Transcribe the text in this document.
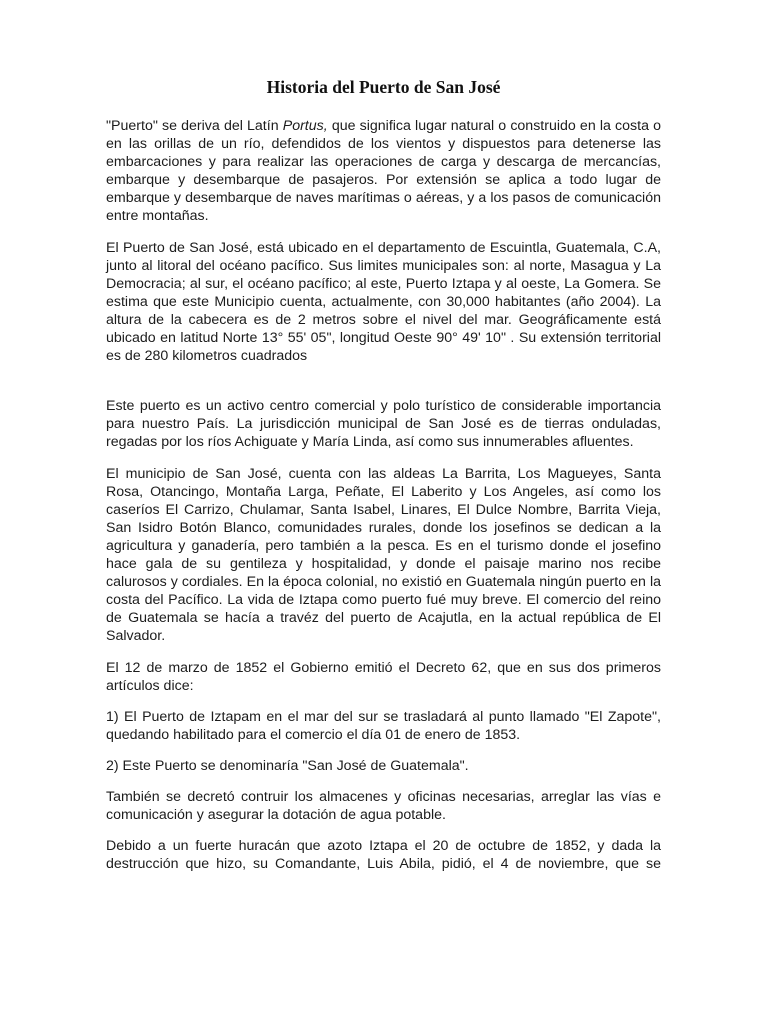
Historia del Puerto de San José

"Puerto" se deriva del Latín Portus, que significa lugar natural o construido en la costa o en las orillas de un río, defendidos de los vientos y dispuestos para detenerse las embarcaciones y para realizar las operaciones de carga y descarga de mercancías, embarque y desembarque de pasajeros. Por extensión se aplica a todo lugar de embarque y desembarque de naves marítimas o aéreas, y a los pasos de comunicación entre montañas.

El Puerto de San José, está ubicado en el departamento de Escuintla, Guatemala, C.A, junto al litoral del océano pacífico. Sus limites municipales son: al norte, Masagua y La Democracia; al sur, el océano pacífico; al este, Puerto Iztapa y al oeste, La Gomera. Se estima que este Municipio cuenta, actualmente, con 30,000 habitantes (año 2004). La altura de la cabecera es de 2 metros sobre el nivel del mar. Geográficamente está ubicado en latitud Norte 13° 55' 05", longitud Oeste 90° 49' 10" . Su extensión territorial es de 280 kilometros cuadrados

Este puerto es un activo centro comercial y polo turístico de considerable importancia para nuestro País. La jurisdicción municipal de San José es de tierras onduladas, regadas por los ríos Achiguate y María Linda, así como sus innumerables afluentes.

El municipio de San José, cuenta con las aldeas La Barrita, Los Magueyes, Santa Rosa, Otancingo, Montaña Larga, Peñate, El Laberito y Los Angeles, así como los caseríos El Carrizo, Chulamar, Santa Isabel, Linares, El Dulce Nombre, Barrita Vieja, San Isidro Botón Blanco, comunidades rurales, donde los josefinos se dedican a la agricultura y ganadería, pero también a la pesca. Es en el turismo donde el josefino hace gala de su gentileza y hospitalidad, y donde el paisaje marino nos recibe calurosos y cordiales. En la época colonial, no existió en Guatemala ningún puerto en la costa del Pacífico. La vida de Iztapa como puerto fué muy breve. El comercio del reino de Guatemala se hacía a travéz del puerto de Acajutla, en la actual república de El Salvador.

El 12 de marzo de 1852 el Gobierno emitió el Decreto 62, que en sus dos primeros artículos dice:

1) El Puerto de Iztapam en el mar del sur se trasladará al punto llamado "El Zapote", quedando habilitado para el comercio el día 01 de enero de 1853.

2) Este Puerto se denominaría "San José de Guatemala".

También se decretó contruir los almacenes y oficinas necesarias, arreglar las vías e comunicación y asegurar la dotación de agua potable.

Debido a un fuerte huracán que azoto Iztapa el 20 de octubre de 1852, y dada la destrucción que hizo, su Comandante, Luis Abila, pidió, el 4 de noviembre, que se
